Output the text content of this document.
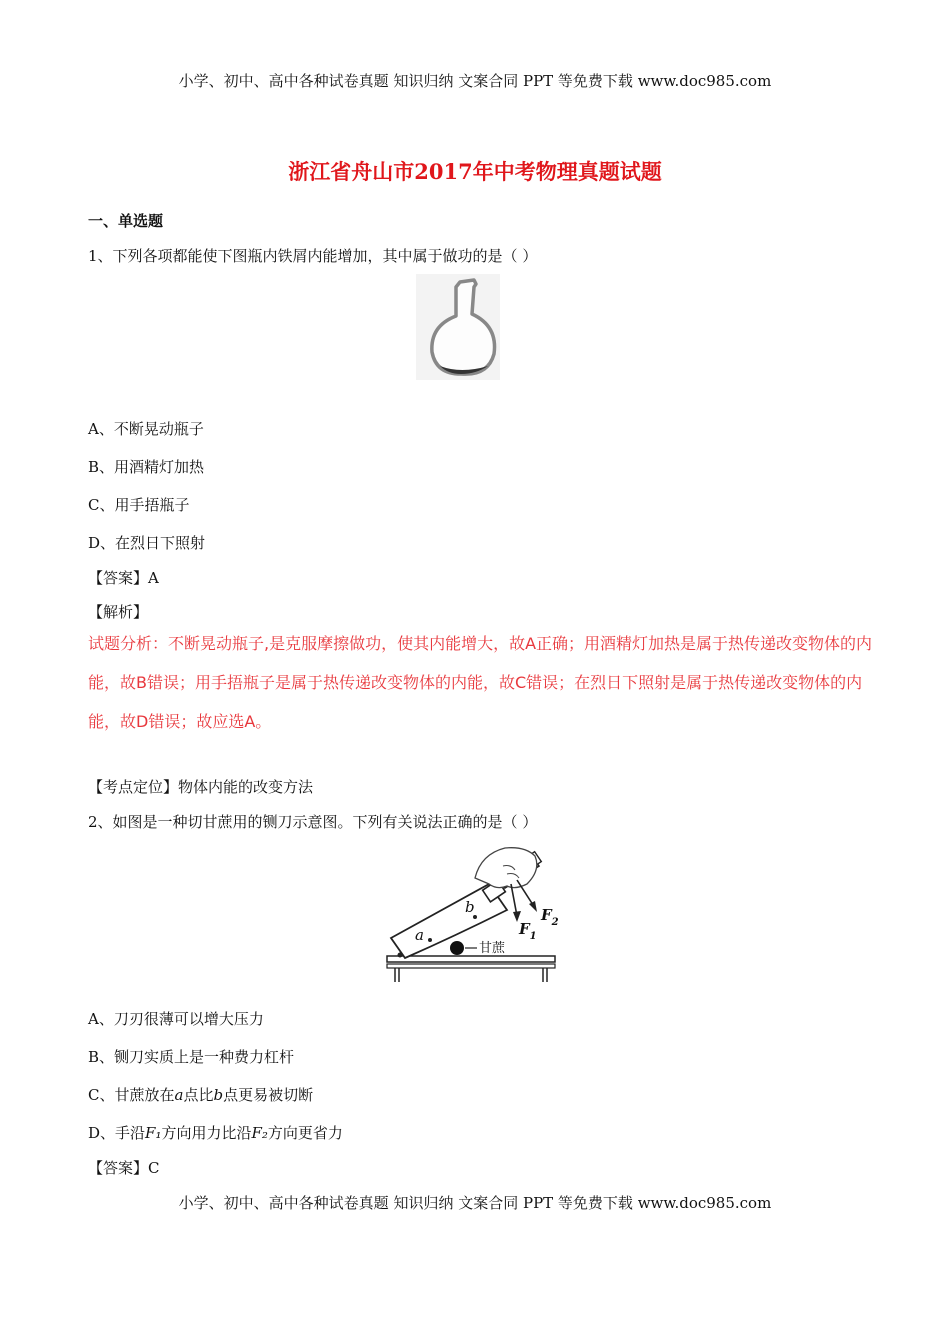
小学、初中、高中各种试卷真题 知识归纳 文案合同 PPT 等免费下载 www.doc985.com
浙江省舟山市2017年中考物理真题试题
一、单选题
1、下列各项都能使下图瓶内铁屑内能增加，其中属于做功的是（ ）
A、不断晃动瓶子
B、用酒精灯加热
C、用手捂瓶子
D、在烈日下照射
【答案】A
【解析】
试题分析：不断晃动瓶子,是克服摩擦做功，使其内能增大，故A正确；用酒精灯加热是属于热传递改变物体的内能，故B错误；用手捂瓶子是属于热传递改变物体的内能，故C错误；在烈日下照射是属于热传递改变物体的内能，故D错误；故应选A。
【考点定位】物体内能的改变方法
2、如图是一种切甘蔗用的铡刀示意图。下列有关说法正确的是（ ）
a
b
$F_1$
$F_2$
甘蔗
A、刀刃很薄可以增大压力
B、铡刀实质上是一种费力杠杆
C、甘蔗放在a点比b点更易被切断
D、手沿F₁方向用力比沿F₂方向更省力
【答案】C
小学、初中、高中各种试卷真题 知识归纳 文案合同 PPT 等免费下载 www.doc985.com
